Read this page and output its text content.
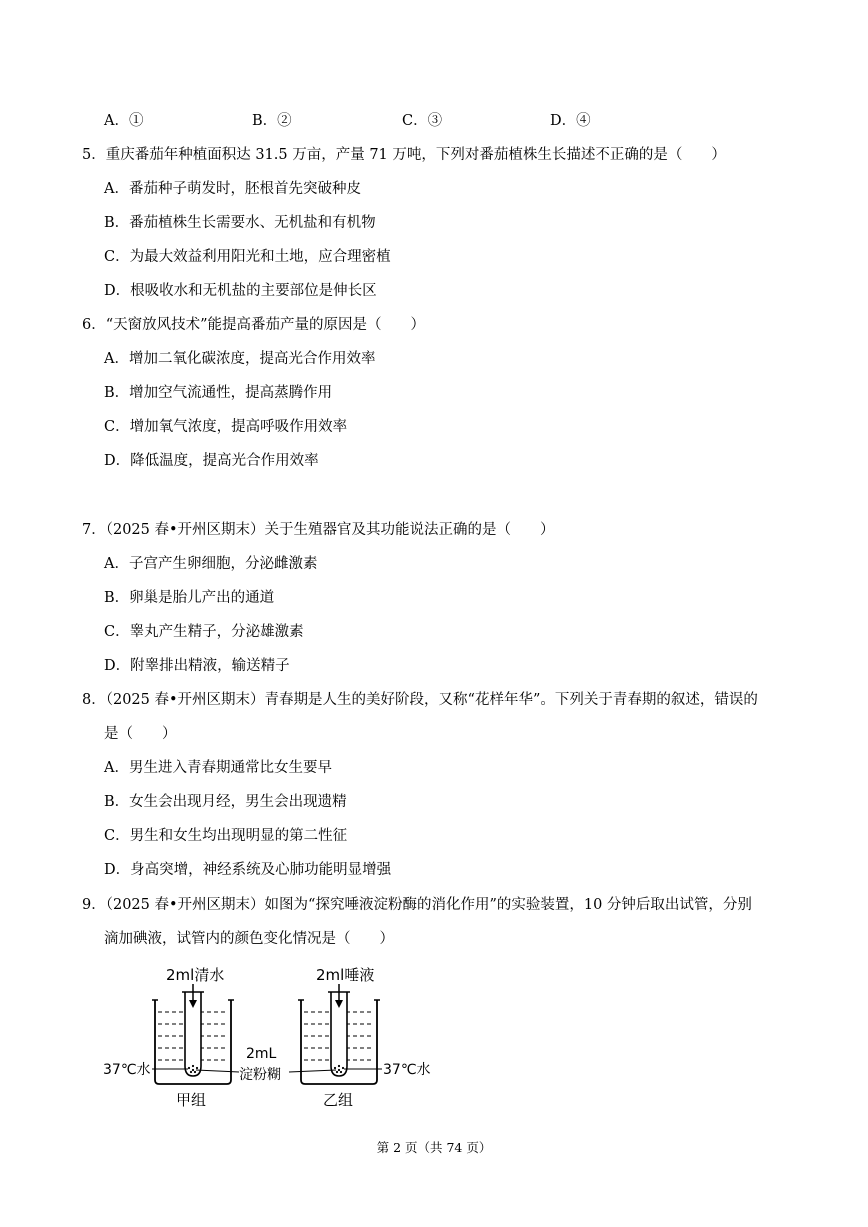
A．①	B．②	C．③	D．④
5．重庆番茄年种植面积达 31.5 万亩，产量 71 万吨，下列对番茄植株生长描述不正确的是（　　）
A．番茄种子萌发时，胚根首先突破种皮
B．番茄植株生长需要水、无机盐和有机物
C．为最大效益利用阳光和土地，应合理密植
D．根吸收水和无机盐的主要部位是伸长区
6．“天窗放风技术”能提高番茄产量的原因是（　　）
A．增加二氧化碳浓度，提高光合作用效率
B．增加空气流通性，提高蒸腾作用
C．增加氧气浓度，提高呼吸作用效率
D．降低温度，提高光合作用效率
7．（2025 春•开州区期末）关于生殖器官及其功能说法正确的是（　　）
A．子宫产生卵细胞，分泌雌激素
B．卵巢是胎儿产出的通道
C．睾丸产生精子，分泌雄激素
D．附睾排出精液，输送精子
8．（2025 春•开州区期末）青春期是人生的美好阶段，又称“花样年华”。下列关于青春期的叙述，错误的
是（　　）
A．男生进入青春期通常比女生要早
B．女生会出现月经，男生会出现遗精
C．男生和女生均出现明显的第二性征
D．身高突增，神经系统及心肺功能明显增强
9．（2025 春•开州区期末）如图为“探究唾液淀粉酶的消化作用”的实验装置，10 分钟后取出试管，分别
滴加碘液，试管内的颜色变化情况是（　　）
2ml清水	2ml唾液
37℃水	37℃水
2mL
淀粉糊
甲组	乙组
第 2 页（共 74 页）
